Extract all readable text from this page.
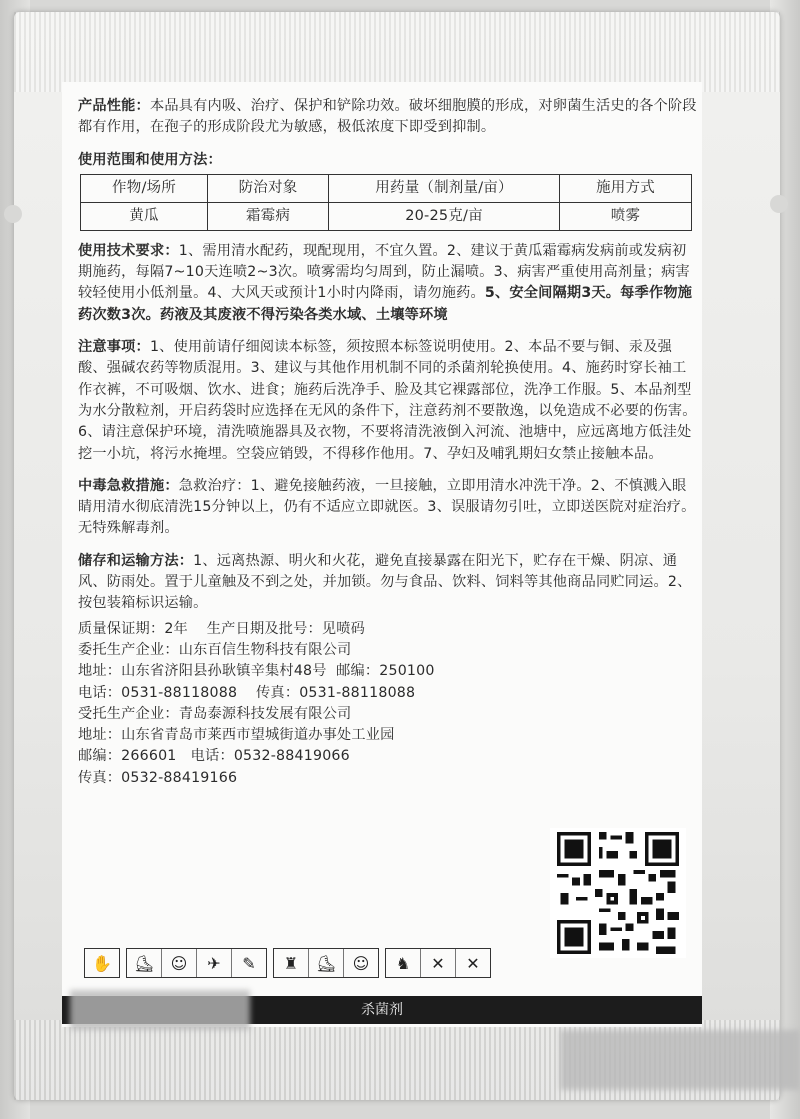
产品性能：本品具有内吸、治疗、保护和铲除功效。破坏细胞膜的形成，对卵菌生活史的各个阶段都有作用，在孢子的形成阶段尤为敏感，极低浓度下即受到抑制。

使用范围和使用方法：

作物/场所	防治对象	用药量（制剂量/亩）	施用方式
黄瓜	霜霉病	20-25克/亩	喷雾

使用技术要求：1、需用清水配药，现配现用，不宜久置。2、建议于黄瓜霜霉病发病前或发病初期施药，每隔7~10天连喷2~3次。喷雾需均匀周到，防止漏喷。3、病害严重使用高剂量；病害较轻使用小低剂量。4、大风天或预计1小时内降雨，请勿施药。5、安全间隔期3天。每季作物施药次数3次。药液及其废液不得污染各类水域、土壤等环境

注意事项：1、使用前请仔细阅读本标签，须按照本标签说明使用。2、本品不要与铜、汞及强酸、强碱农药等物质混用。3、建议与其他作用机制不同的杀菌剂轮换使用。4、施药时穿长袖工作衣裤，不可吸烟、饮水、进食；施药后洗净手、脸及其它裸露部位，洗净工作服。5、本品剂型为水分散粒剂，开启药袋时应选择在无风的条件下，注意药剂不要散逸，以免造成不必要的伤害。6、请注意保护环境，清洗喷施器具及衣物，不要将清洗液倒入河流、池塘中，应远离地方低洼处挖一小坑，将污水掩埋。空袋应销毁，不得移作他用。7、孕妇及哺乳期妇女禁止接触本品。

中毒急救措施：急救治疗：1、避免接触药液，一旦接触，立即用清水冲洗干净。2、不慎溅入眼睛用清水彻底清洗15分钟以上，仍有不适应立即就医。3、误服请勿引吐，立即送医院对症治疗。无特殊解毒剂。

储存和运输方法：1、远离热源、明火和火花，避免直接暴露在阳光下，贮存在干燥、阴凉、通风、防雨处。置于儿童触及不到之处，并加锁。勿与食品、饮料、饲料等其他商品同贮同运。2、按包装箱标识运输。

质量保证期：2年 生产日期及批号：见喷码

委托生产企业：山东百信生物科技有限公司

地址：山东省济阳县孙耿镇辛集村48号 邮编：250100

电话：0531-88118088 传真：0531-88118088

受托生产企业：青岛泰源科技发展有限公司

地址：山东省青岛市莱西市望城街道办事处工业园

邮编：266601 电话：0532-88419066

传真：0532-88419166

✋	⛸	☺	✈	✎	♜	⛸	☺	♞	✕	✕
杀菌剂
